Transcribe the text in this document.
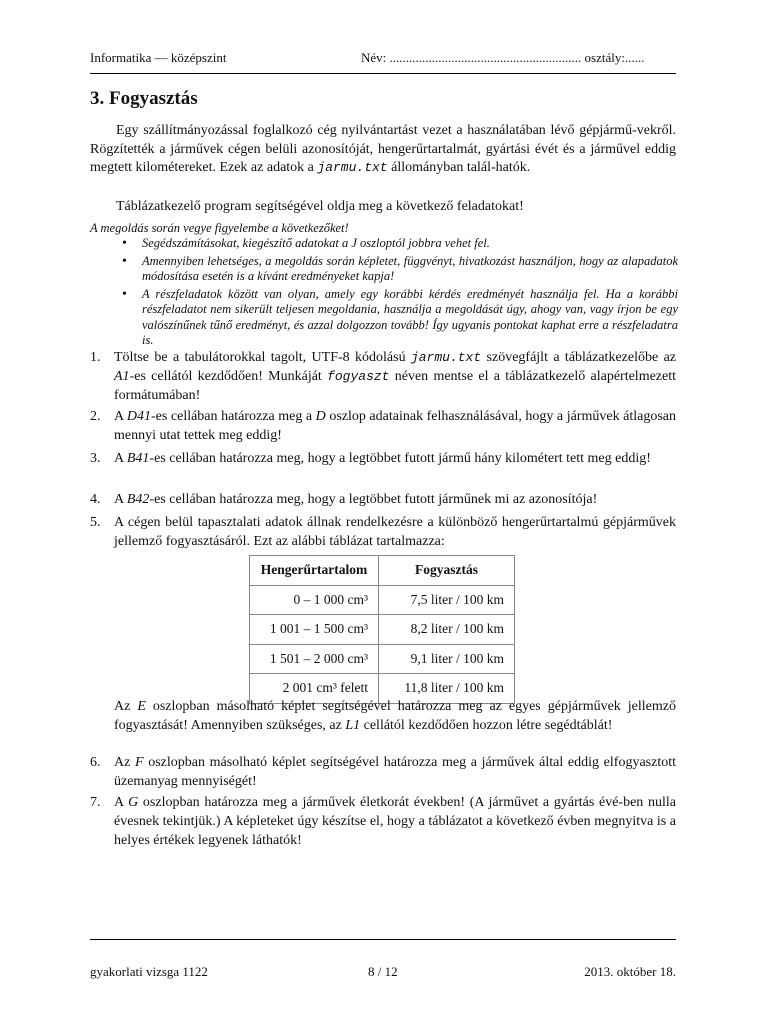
Informatika — középszint	Név: ........................................................... osztály:......
3. Fogyasztás

Egy szállítmányozással foglalkozó cég nyilvántartást vezet a használatában lévő gépjármű-vekről. Rögzítették a járművek cégen belüli azonosítóját, hengerűrtartalmát, gyártási évét és a járművel eddig megtett kilométereket. Ezek az adatok a jarmu.txt állományban talál-hatók.

Táblázatkezelő program segítségével oldja meg a következő feladatokat!

A megoldás során vegye figyelembe a következőket!

• Segédszámításokat, kiegészítő adatokat a J oszloptól jobbra vehet fel.
• Amennyiben lehetséges, a megoldás során képletet, függvényt, hivatkozást használjon, hogy az alapadatok módosítása esetén is a kívánt eredményeket kapja!
• A részfeladatok között van olyan, amely egy korábbi kérdés eredményét használja fel. Ha a korábbi részfeladatot nem sikerült teljesen megoldania, használja a megoldását úgy, ahogy van, vagy írjon be egy valószínűnek tűnő eredményt, és azzal dolgozzon tovább! Így ugyanis pontokat kaphat erre a részfeladatra is.
1. Töltse be a tabulátorokkal tagolt, UTF-8 kódolású jarmu.txt szövegfájlt a táblázatkezelőbe az A1-es cellától kezdődően! Munkáját fogyaszt néven mentse el a táblázatkezelő alapértelmezett formátumában!
2. A D41-es cellában határozza meg a D oszlop adatainak felhasználásával, hogy a járművek átlagosan mennyi utat tettek meg eddig!
3. A B41-es cellában határozza meg, hogy a legtöbbet futott jármű hány kilométert tett meg eddig!
4. A B42-es cellában határozza meg, hogy a legtöbbet futott járműnek mi az azonosítója!
5. A cégen belül tapasztalati adatok állnak rendelkezésre a különböző hengerűrtartalmú gépjárművek jellemző fogyasztásáról. Ezt az alábbi táblázat tartalmazza:
Hengerűrtartalom	Fogyasztás
0 – 1 000 cm³	7,5 liter / 100 km
1 001 – 1 500 cm³	8,2 liter / 100 km
1 501 – 2 000 cm³	9,1 liter / 100 km
2 001 cm³ felett	11,8 liter / 100 km
Az E oszlopban másolható képlet segítségével határozza meg az egyes gépjárművek jellemző fogyasztását! Amennyiben szükséges, az L1 cellától kezdődően hozzon létre segédtáblát!
6. Az F oszlopban másolható képlet segítségével határozza meg a járművek által eddig elfogyasztott üzemanyag mennyiségét!
7. A G oszlopban határozza meg a járművek életkorát években! (A járművet a gyártás évé-ben nulla évesnek tekintjük.) A képleteket úgy készítse el, hogy a táblázatot a következő évben megnyitva is a helyes értékek legyenek láthatók!
gyakorlati vizsga 1122	8 / 12	2013. október 18.
